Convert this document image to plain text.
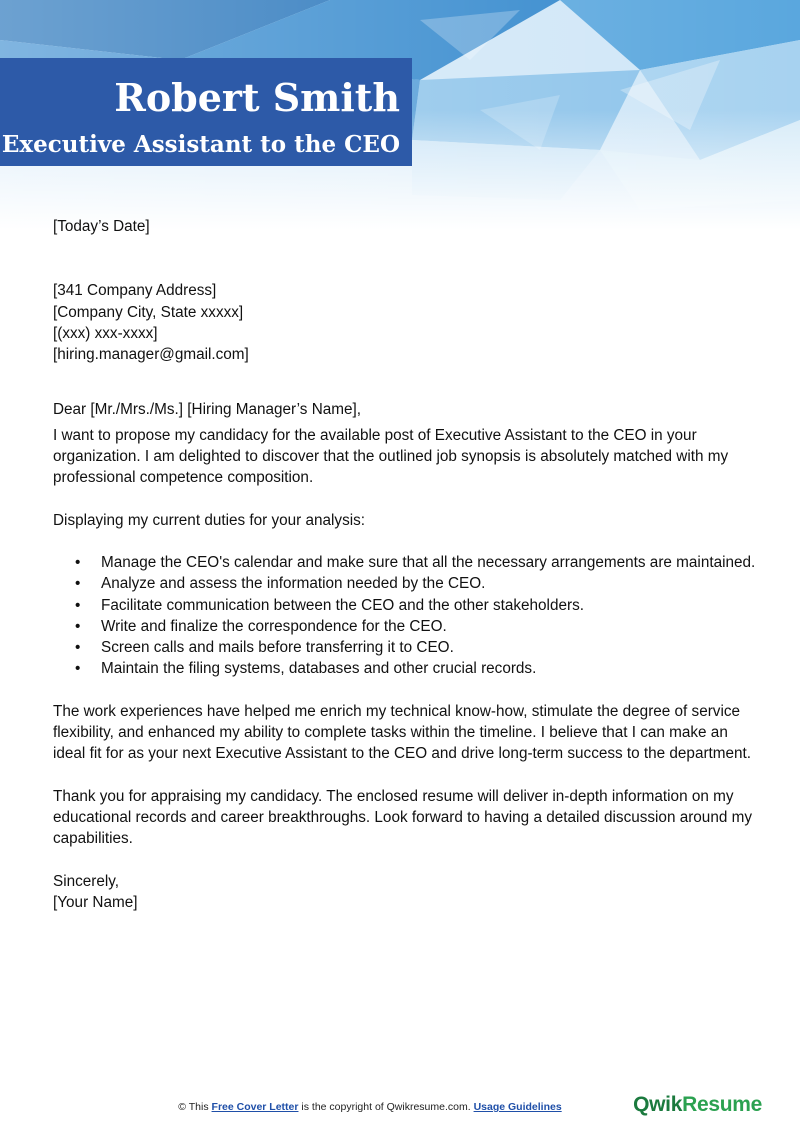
Robert Smith
Executive Assistant to the CEO

[Today’s Date]

[341 Company Address]

[Company City, State xxxxx]

[(xxx) xxx-xxxx]

[hiring.manager@gmail.com]

Dear [Mr./Mrs./Ms.] [Hiring Manager’s Name],

I want to propose my candidacy for the available post of Executive Assistant to the CEO in your organization. I am delighted to discover that the outlined job synopsis is absolutely matched with my professional competence composition.

Displaying my current duties for your analysis:

• Manage the CEO's calendar and make sure that all the necessary arrangements are maintained.
• Analyze and assess the information needed by the CEO.
• Facilitate communication between the CEO and the other stakeholders.
• Write and finalize the correspondence for the CEO.
• Screen calls and mails before transferring it to CEO.
• Maintain the filing systems, databases and other crucial records.

The work experiences have helped me enrich my technical know-how, stimulate the degree of service flexibility, and enhanced my ability to complete tasks within the timeline. I believe that I can make an ideal fit for as your next Executive Assistant to the CEO and drive long-term success to the department.

Thank you for appraising my candidacy. The enclosed resume will deliver in-depth information on my educational records and career breakthroughs. Look forward to having a detailed discussion around my capabilities.

Sincerely,

[Your Name]

© This Free Cover Letter is the copyright of Qwikresume.com. Usage Guidelines	QwikResume
